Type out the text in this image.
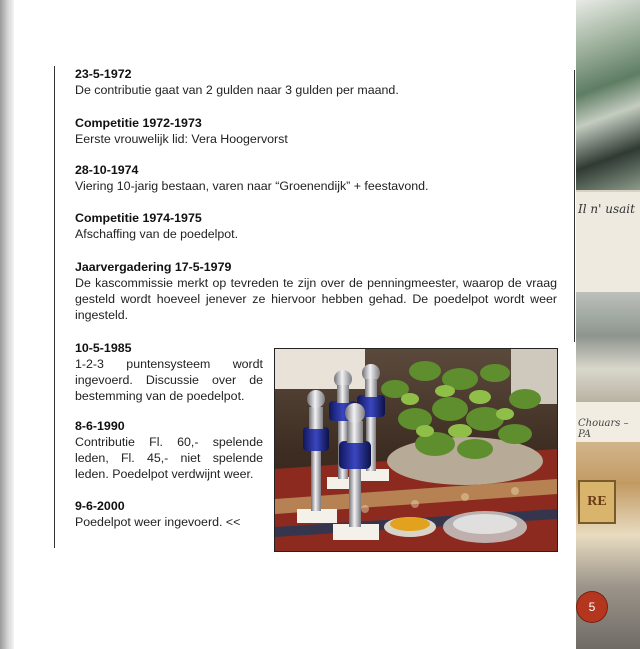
23-5-1972
De contributie gaat van 2 gulden naar 3 gulden per maand.
Competitie 1972-1973
Eerste vrouwelijk lid: Vera Hoogervorst
28-10-1974
Viering 10-jarig bestaan, varen naar “Groenendijk” + feestavond.
Competitie 1974-1975
Afschaffing van de poedelpot.
Jaarvergadering 17-5-1979
De kascommissie merkt op tevreden te zijn over de penningmeester, waarop de vraag gesteld wordt hoeveel jenever ze hiervoor hebben gehad. De poedelpot wordt weer ingesteld.
10-5-1985
1-2-3 puntensysteem wordt ingevoerd. Discussie over de bestemming van de poedelpot.
8-6-1990
Contributie Fl. 60,- spelende leden, Fl. 45,- niet spelende leden. Poedelpot verdwijnt weer.
9-6-2000
Poedelpot weer ingevoerd. <<
Il n' usait
Chouars – PA
RE
5
